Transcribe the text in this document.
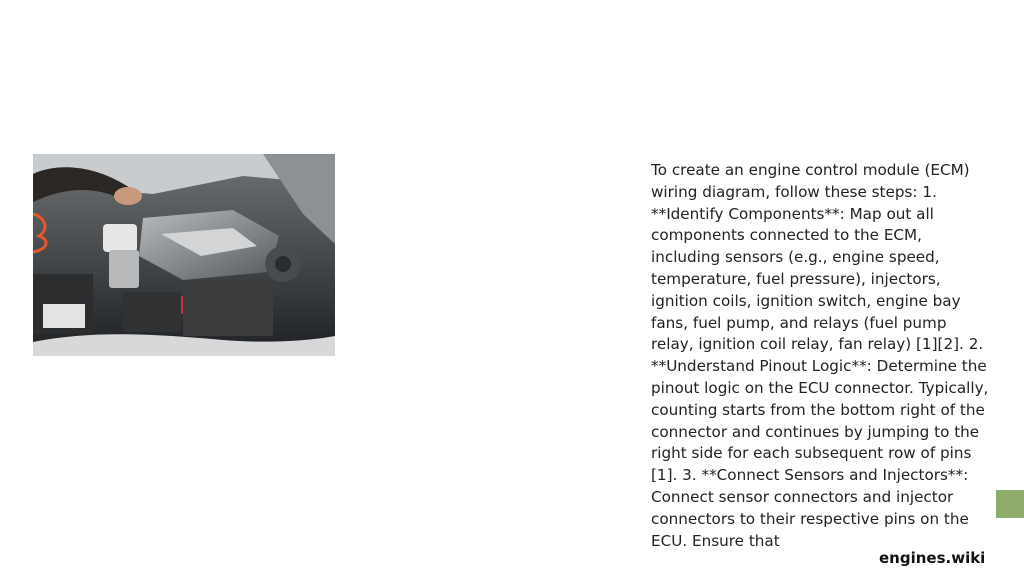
To create an engine control module (ECM) wiring diagram, follow these steps: 1. **Identify Components**: Map out all components connected to the ECM, including sensors (e.g., engine speed, temperature, fuel pressure), injectors, ignition coils, ignition switch, engine bay fans, fuel pump, and relays (fuel pump relay, ignition coil relay, fan relay) [1][2]. 2. **Understand Pinout Logic**: Determine the pinout logic on the ECU connector. Typically, counting starts from the bottom right of the connector and continues by jumping to the right side for each subsequent row of pins [1]. 3. **Connect Sensors and Injectors**: Connect sensor connectors and injector connectors to their respective pins on the ECU. Ensure that

engines.wiki
